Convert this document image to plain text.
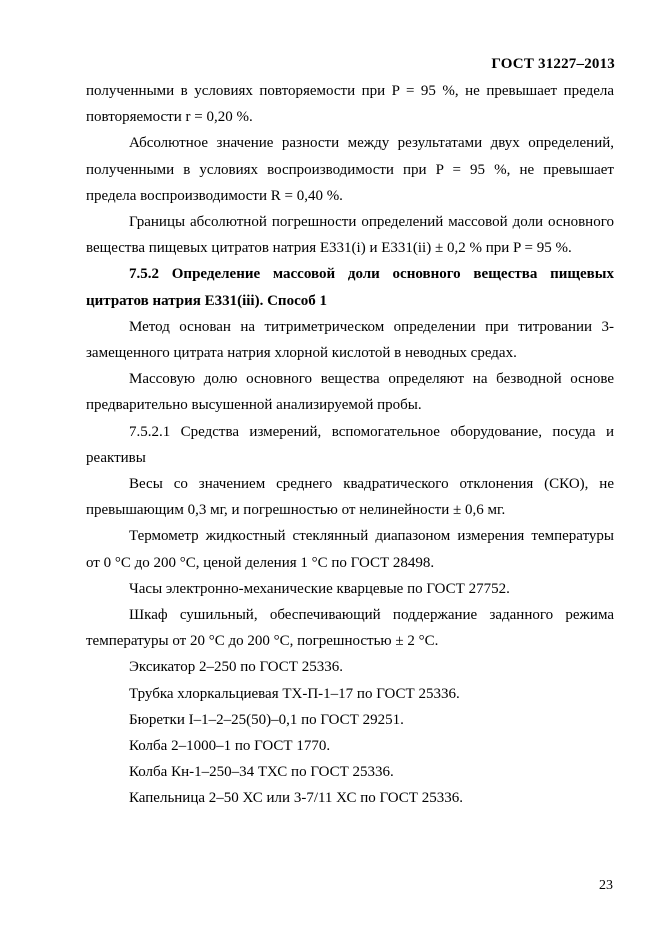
ГОСТ 31227–2013

полученными в условиях повторяемости при P = 95 %, не превышает предела повторяемости r = 0,20 %.

Абсолютное значение разности между результатами двух определений, полученными в условиях воспроизводимости при P = 95 %, не превышает предела воспроизводимости R = 0,40 %.

Границы абсолютной погрешности определений массовой доли основного вещества пищевых цитратов натрия E331(i) и E331(ii) ± 0,2 % при P = 95 %.

7.5.2 Определение массовой доли основного вещества пищевых цитратов натрия E331(iii). Способ 1

Метод основан на титриметрическом определении при титровании 3-замещенного цитрата натрия хлорной кислотой в неводных средах.

Массовую долю основного вещества определяют на безводной основе предварительно высушенной анализируемой пробы.

7.5.2.1 Средства измерений, вспомогательное оборудование, посуда и реактивы

Весы со значением среднего квадратического отклонения (СКО), не превышающим 0,3 мг, и погрешностью от нелинейности ± 0,6 мг.

Термометр жидкостный стеклянный диапазоном измерения температуры от 0 °С до 200 °С, ценой деления 1 °С по ГОСТ 28498.

Часы электронно-механические кварцевые по ГОСТ 27752.

Шкаф сушильный, обеспечивающий поддержание заданного режима температуры от 20 °С до 200 °С, погрешностью ± 2 °С.

Эксикатор 2–250 по ГОСТ 25336.
Трубка хлоркальциевая ТХ-П-1–17 по ГОСТ 25336.
Бюретки I–1–2–25(50)–0,1 по ГОСТ 29251.
Колба 2–1000–1 по ГОСТ 1770.
Колба Кн-1–250–34 ТХС по ГОСТ 25336.
Капельница 2–50 ХС или 3-7/11 ХС по ГОСТ 25336.
23
